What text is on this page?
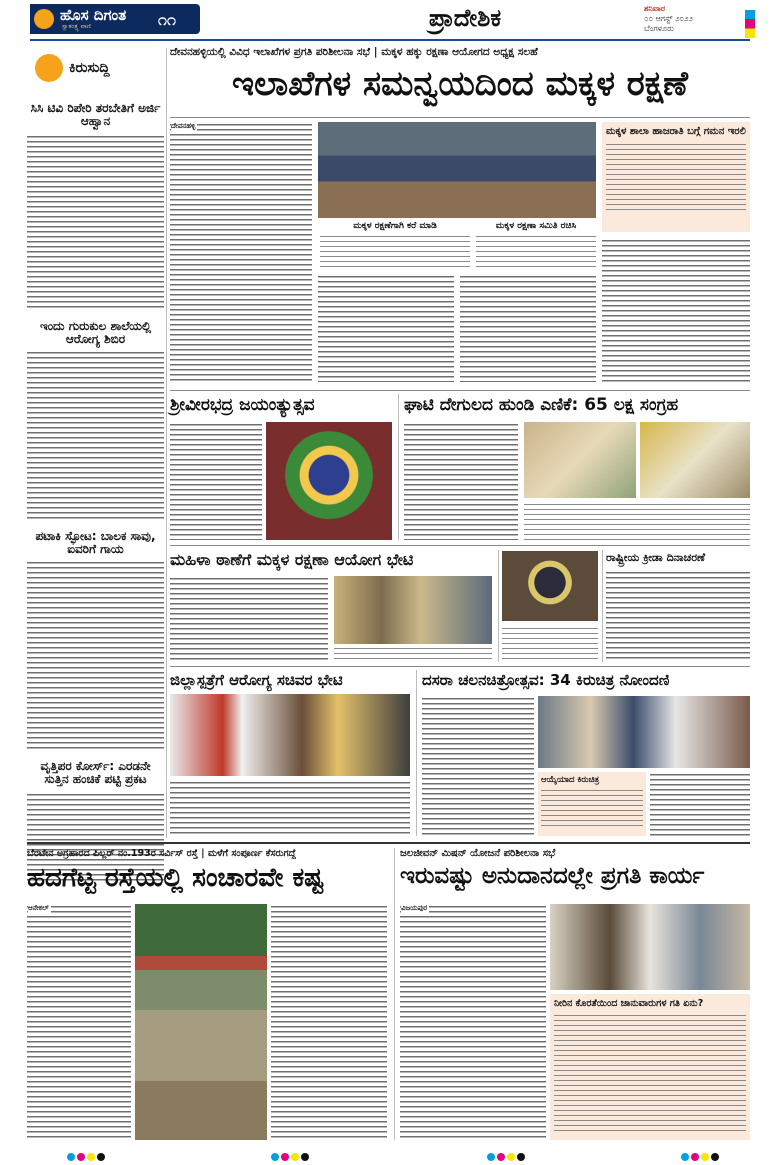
ಹೊಸ ದಿಗಂತ
ಸ್ವಾತಂತ್ರ್ಯ ವಾಣಿ	೧೧	ಪ್ರಾದೇಶಿಕ	ಶನಿವಾರ
೦೦ ಆಗಸ್ಟ್ ೨೦೨೨
ಬೆಂಗಳೂರು
ಕಿರುಸುದ್ದಿ
ಸಿಸಿ ಟಿವಿ ರಿಪೇರಿ ತರಬೇತಿಗೆ ಅರ್ಜಿ ಆಹ್ವಾನ
ಇಂದು ಗುರುಕುಲ ಶಾಲೆಯಲ್ಲಿ ಆರೋಗ್ಯ ಶಿಬಿರ
ಪಟಾಕಿ ಸ್ಫೋಟ: ಬಾಲಕ ಸಾವು, ಐವರಿಗೆ ಗಾಯ
ವೃತ್ತಿಪರ ಕೋರ್ಸ್: ಎರಡನೇ ಸುತ್ತಿನ ಹಂಚಿಕೆ ಪಟ್ಟಿ ಪ್ರಕಟ
ದೇವನಹಳ್ಳಿಯಲ್ಲಿ ವಿವಿಧ ಇಲಾಖೆಗಳ ಪ್ರಗತಿ ಪರಿಶೀಲನಾ ಸಭೆ | ಮಕ್ಕಳ ಹಕ್ಕು ರಕ್ಷಣಾ ಆಯೋಗದ ಅಧ್ಯಕ್ಷ ಸಲಹೆ
ಇಲಾಖೆಗಳ ಸಮನ್ವಯದಿಂದ ಮಕ್ಕಳ ರಕ್ಷಣೆ
ದೇವನಹಳ್ಳಿ
ಮಕ್ಕಳ ರಕ್ಷಣೆಗಾಗಿ ಕರೆ ಮಾಡಿ	ಮಕ್ಕಳ ರಕ್ಷಣಾ ಸಮಿತಿ ರಚಿಸಿ
ಮಕ್ಕಳ ಶಾಲಾ ಹಾಜರಾತಿ ಬಗ್ಗೆ ಗಮನ ಇರಲಿ
ಶ್ರೀವೀರಭದ್ರ ಜಯಂತ್ಯುತ್ಸವ	ಘಾಟಿ ದೇಗುಲದ ಹುಂಡಿ ಎಣಿಕೆ: 65 ಲಕ್ಷ ಸಂಗ್ರಹ
ಮಹಿಳಾ ಠಾಣೆಗೆ ಮಕ್ಕಳ ರಕ್ಷಣಾ ಆಯೋಗ ಭೇಟಿ	ರಾಷ್ಟ್ರೀಯ ಕ್ರೀಡಾ ದಿನಾಚರಣೆ
ಜಿಲ್ಲಾಸ್ಪತ್ರೆಗೆ ಆರೋಗ್ಯ ಸಚಿವರ ಭೇಟಿ	ದಸರಾ ಚಲನಚಿತ್ರೋತ್ಸವ: 34 ಕಿರುಚಿತ್ರ ನೋಂದಣಿ
ಆಯ್ಕೆಯಾದ ಕಿರುಚಿತ್ರ
ಬೆರಟೇನ ಅಗ್ರಹಾರದ ಪಿಲ್ಲರ್ ನಂ.193ರ ಸರ್ವಿಸ್ ರಸ್ತೆ | ಮಳೆಗೆ ಸಂಪೂರ್ಣ ಕೆಸರುಗದ್ದೆ
ಹದಗೆಟ್ಟ ರಸ್ತೆಯಲ್ಲಿ ಸಂಚಾರವೇ ಕಷ್ಟ
ಆನೇಕಲ್
ಜಲಜೀವನ್ ಮಿಷನ್ ಯೋಜನೆ ಪರಿಶೀಲನಾ ಸಭೆ
ಇರುವಷ್ಟು ಅನುದಾನದಲ್ಲೇ ಪ್ರಗತಿ ಕಾರ್ಯ
ವಿಜಯಪುರ
ನೀರಿನ ಕೊರತೆಯಿಂದ ಜಾನುವಾರುಗಳ ಗತಿ ಏನು?
